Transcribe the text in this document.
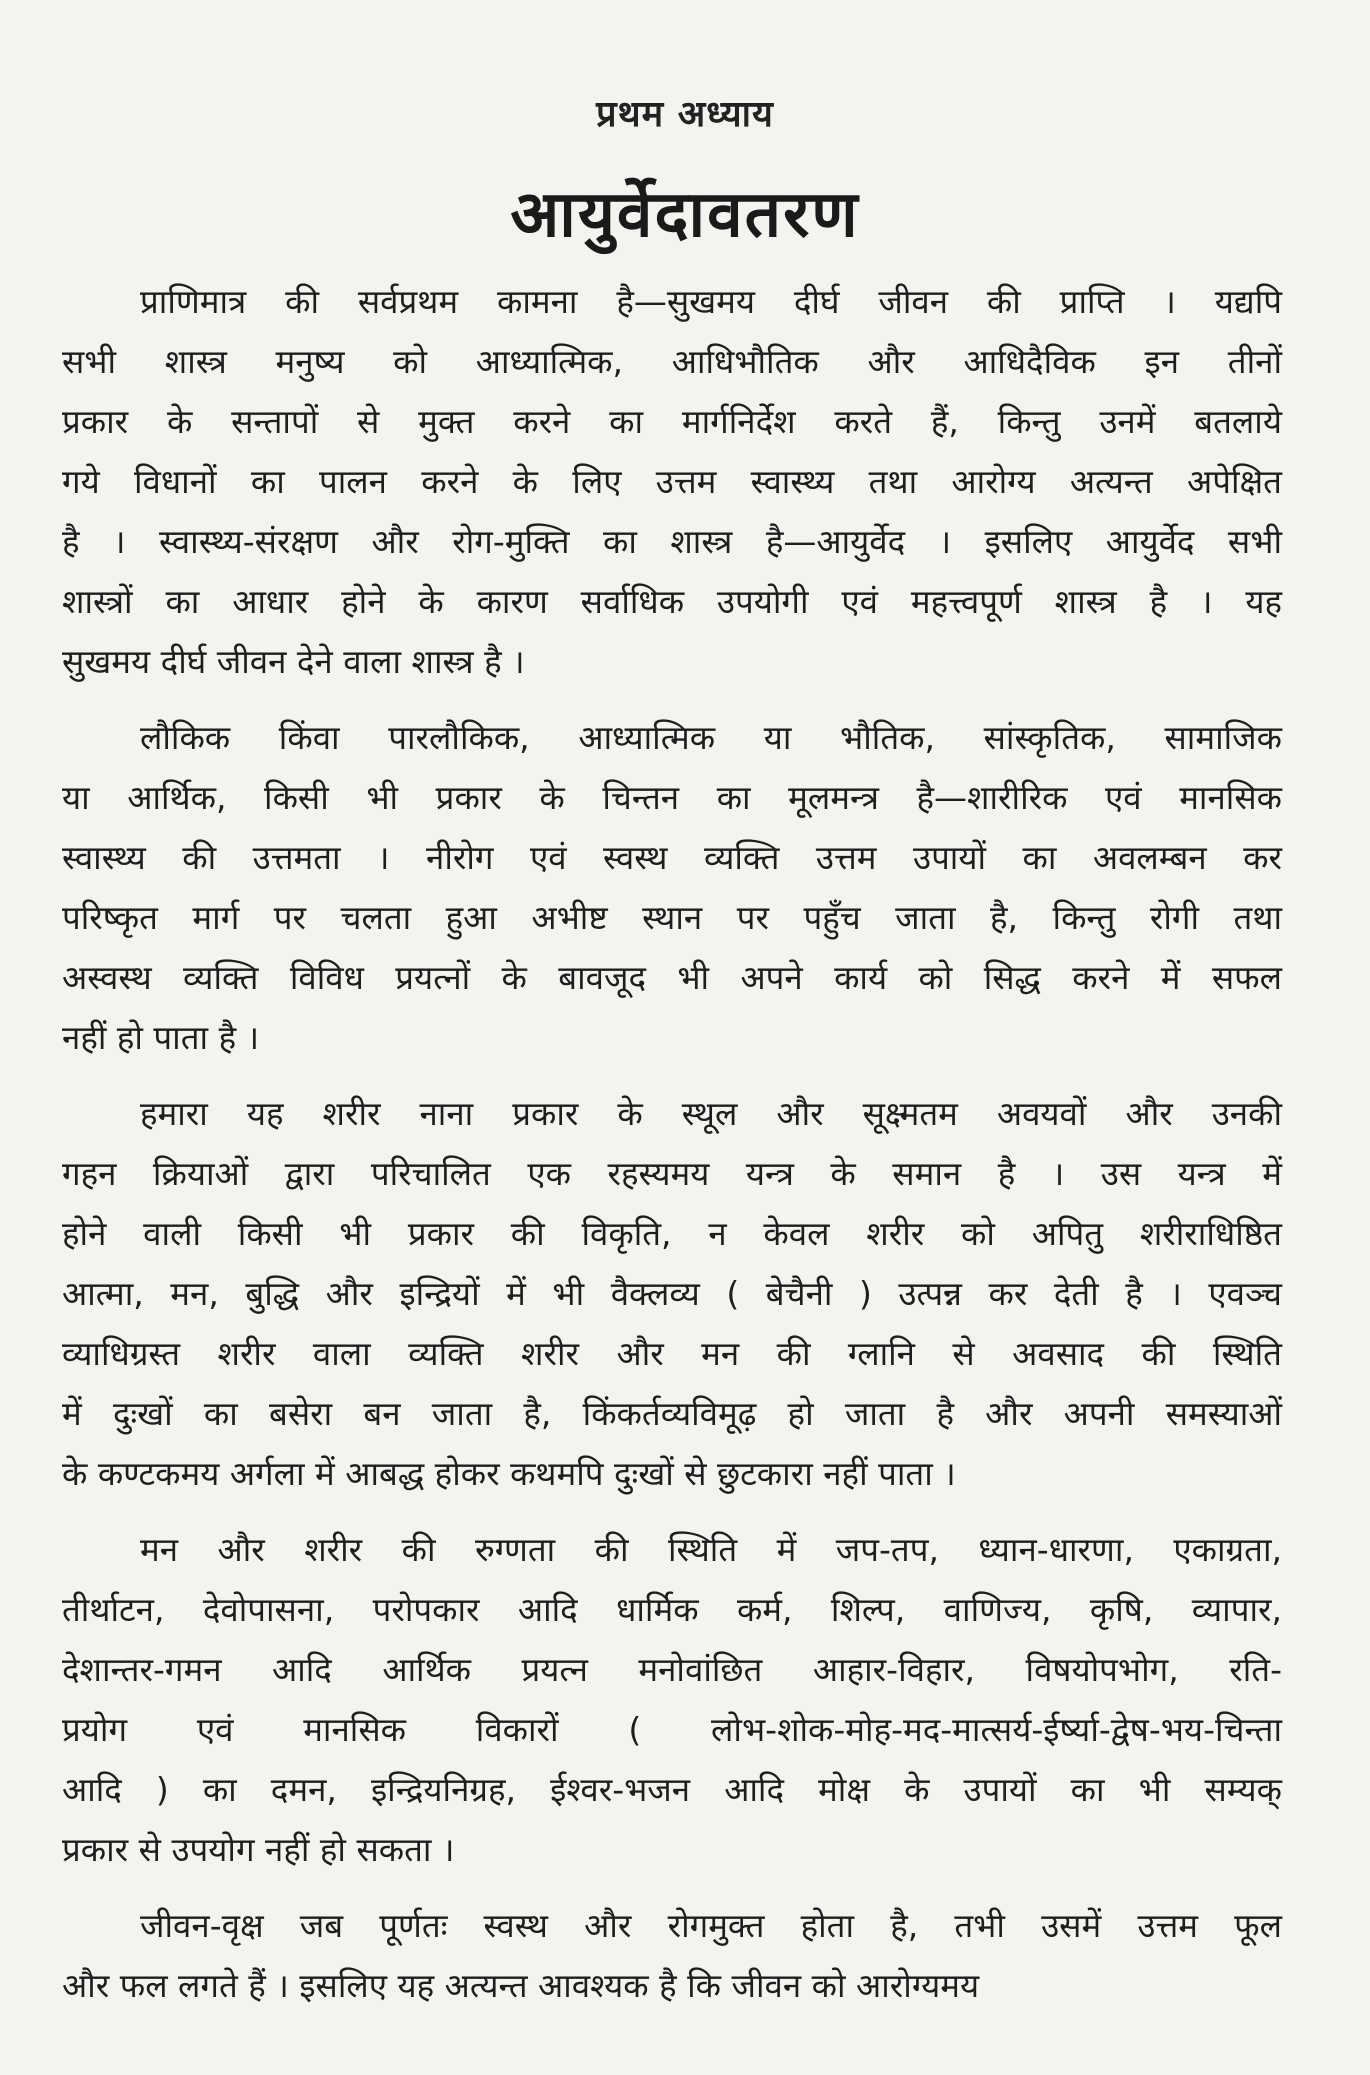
प्रथम अध्याय
आयुर्वेदावतरण
प्राणिमात्र की सर्वप्रथम कामना है—सुखमय दीर्घ जीवन की प्राप्ति । यद्यपि
सभी शास्त्र मनुष्य को आध्यात्मिक, आधिभौतिक और आधिदैविक इन तीनों
प्रकार के सन्तापों से मुक्त करने का मार्गनिर्देश करते हैं, किन्तु उनमें बतलाये
गये विधानों का पालन करने के लिए उत्तम स्वास्थ्य तथा आरोग्य अत्यन्त अपेक्षित
है । स्वास्थ्य-संरक्षण और रोग-मुक्ति का शास्त्र है—आयुर्वेद । इसलिए आयुर्वेद सभी
शास्त्रों का आधार होने के कारण सर्वाधिक उपयोगी एवं महत्त्वपूर्ण शास्त्र है । यह
सुखमय दीर्घ जीवन देने वाला शास्त्र है ।
लौकिक किंवा पारलौकिक, आध्यात्मिक या भौतिक, सांस्कृतिक, सामाजिक
या आर्थिक, किसी भी प्रकार के चिन्तन का मूलमन्त्र है—शारीरिक एवं मानसिक
स्वास्थ्य की उत्तमता । नीरोग एवं स्वस्थ व्यक्ति उत्तम उपायों का अवलम्बन कर
परिष्कृत मार्ग पर चलता हुआ अभीष्ट स्थान पर पहुँच जाता है, किन्तु रोगी तथा
अस्वस्थ व्यक्ति विविध प्रयत्नों के बावजूद भी अपने कार्य को सिद्ध करने में सफल
नहीं हो पाता है ।
हमारा यह शरीर नाना प्रकार के स्थूल और सूक्ष्मतम अवयवों और उनकी
गहन क्रियाओं द्वारा परिचालित एक रहस्यमय यन्त्र के समान है । उस यन्त्र में
होने वाली किसी भी प्रकार की विकृति, न केवल शरीर को अपितु शरीराधिष्ठित
आत्मा, मन, बुद्धि और इन्द्रियों में भी वैक्लव्य ( बेचैनी ) उत्पन्न कर देती है । एवञ्च
व्याधिग्रस्त शरीर वाला व्यक्ति शरीर और मन की ग्लानि से अवसाद की स्थिति
में दुःखों का बसेरा बन जाता है, किंकर्तव्यविमूढ़ हो जाता है और अपनी समस्याओं
के कण्टकमय अर्गला में आबद्ध होकर कथमपि दुःखों से छुटकारा नहीं पाता ।
मन और शरीर की रुग्णता की स्थिति में जप-तप, ध्यान-धारणा, एकाग्रता,
तीर्थाटन, देवोपासना, परोपकार आदि धार्मिक कर्म, शिल्प, वाणिज्य, कृषि, व्यापार,
देशान्तर-गमन आदि आर्थिक प्रयत्न मनोवांछित आहार-विहार, विषयोपभोग, रति-
प्रयोग एवं मानसिक विकारों ( लोभ-शोक-मोह-मद-मात्सर्य-ईर्ष्या-द्वेष-भय-चिन्ता
आदि ) का दमन, इन्द्रियनिग्रह, ईश्वर-भजन आदि मोक्ष के उपायों का भी सम्यक्
प्रकार से उपयोग नहीं हो सकता ।
जीवन-वृक्ष जब पूर्णतः स्वस्थ और रोगमुक्त होता है, तभी उसमें उत्तम फूल
और फल लगते हैं । इसलिए यह अत्यन्त आवश्यक है कि जीवन को आरोग्यमय
